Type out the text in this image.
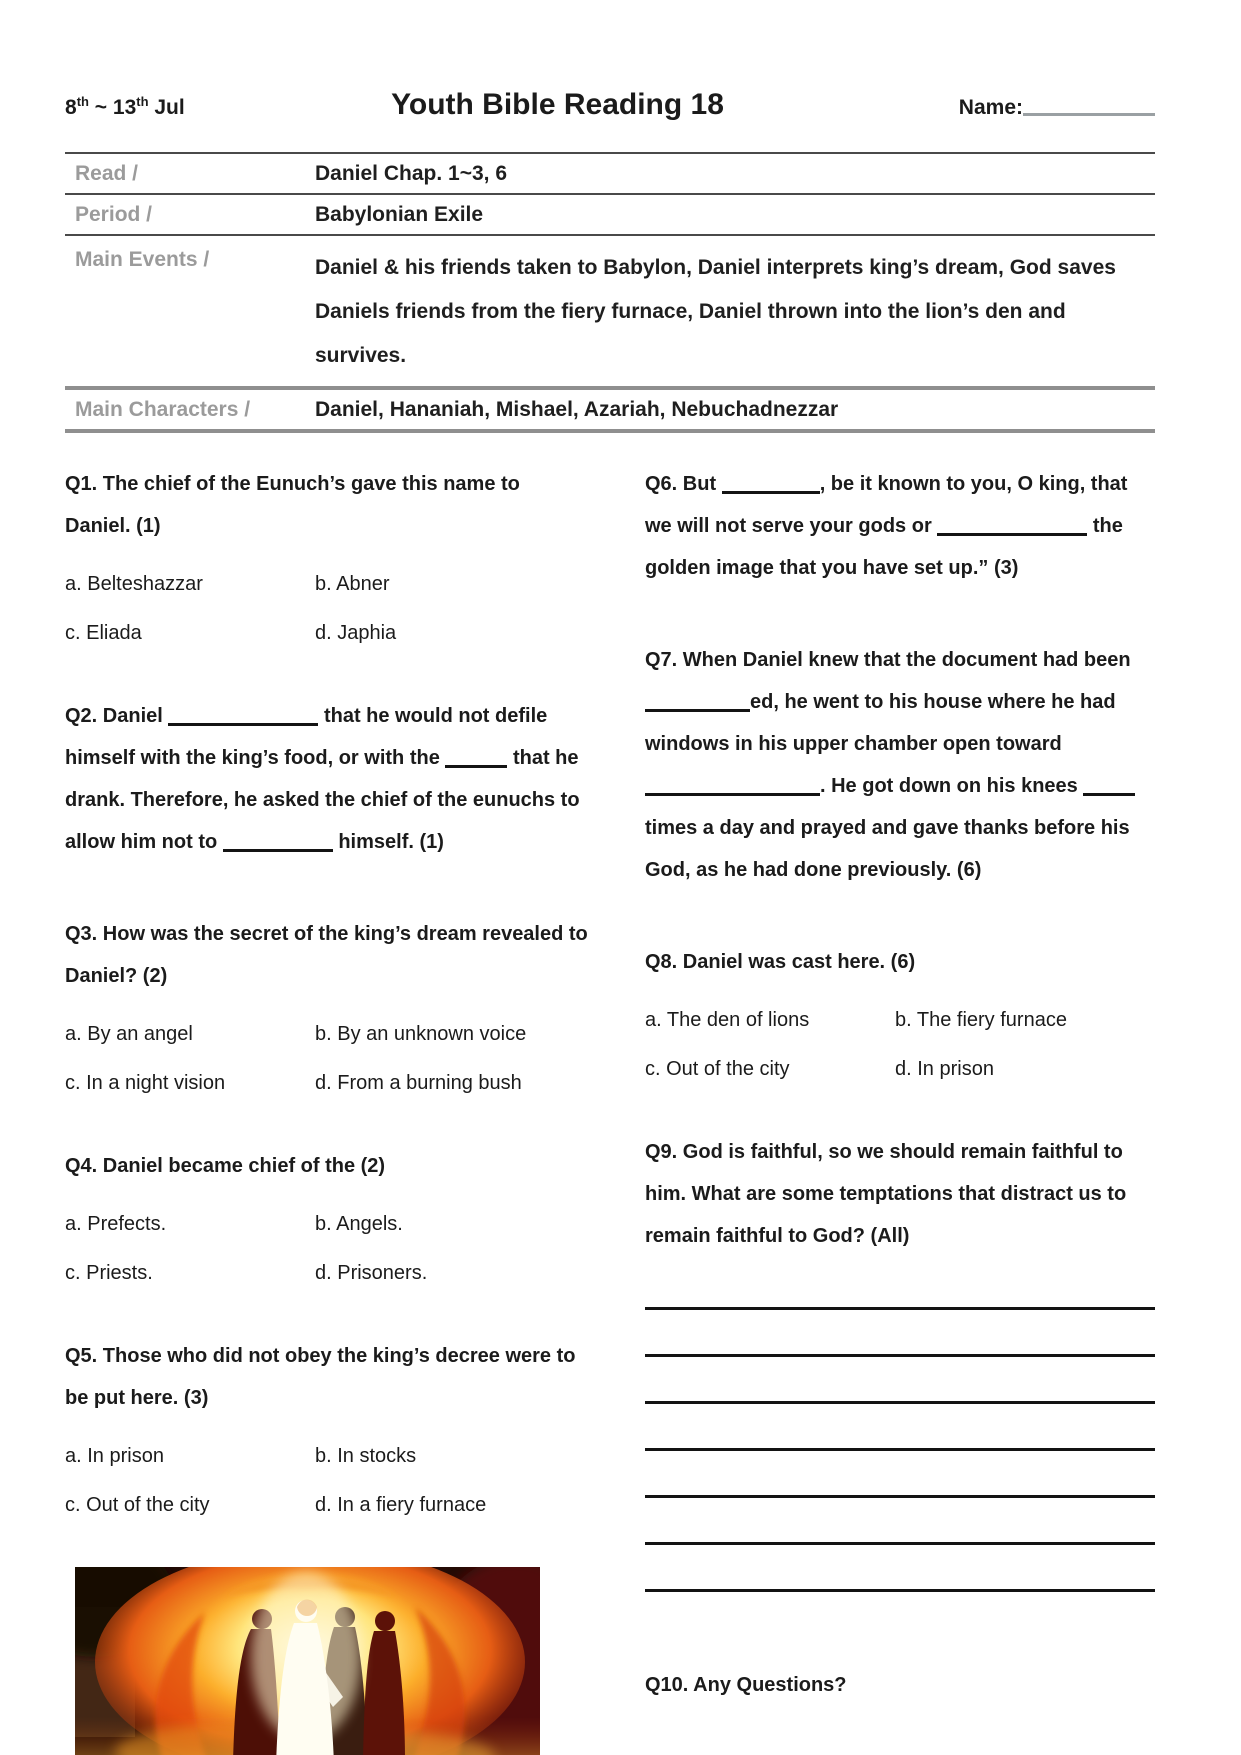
8th ~ 13th Jul	Youth Bible Reading 18	Name:
Read /	Daniel Chap. 1~3, 6
Period /	Babylonian Exile
Main Events /	Daniel & his friends taken to Babylon, Daniel interprets king’s dream, God saves Daniels friends from the fiery furnace, Daniel thrown into the lion’s den and survives.
Main Characters /	Daniel, Hananiah, Mishael, Azariah, Nebuchadnezzar

Q1. The chief of the Eunuch’s gave this name to Daniel. (1)

a. Belteshazzar	b. Abner
c. Eliada	d. Japhia

Q2. Daniel	that he would not defile himself with the king’s food, or with the	that he drank. Therefore, he asked the chief of the eunuchs to allow him not to	himself. (1)

Q3. How was the secret of the king’s dream revealed to Daniel? (2)

a. By an angel	b. By an unknown voice
c. In a night vision	d. From a burning bush

Q4. Daniel became chief of the (2)

a. Prefects.	b. Angels.
c. Priests.	d. Prisoners.

Q5. Those who did not obey the king’s decree were to be put here. (3)

a. In prison	b. In stocks
c. Out of the city	d. In a fiery furnace

Q6. But	, be it known to you, O king, that we will not serve your gods or	the golden image that you have set up.” (3)

Q7. When Daniel knew that the document had been ed, he went to his house where he had windows in his upper chamber open toward . He got down on his knees  times a day and prayed and gave thanks before his God, as he had done previously. (6)

Q8. Daniel was cast here. (6)

a. The den of lions	b. The fiery furnace
c. Out of the city	d. In prison

Q9. God is faithful, so we should remain faithful to him. What are some temptations that distract us to remain faithful to God? (All)

Q10. Any Questions?
